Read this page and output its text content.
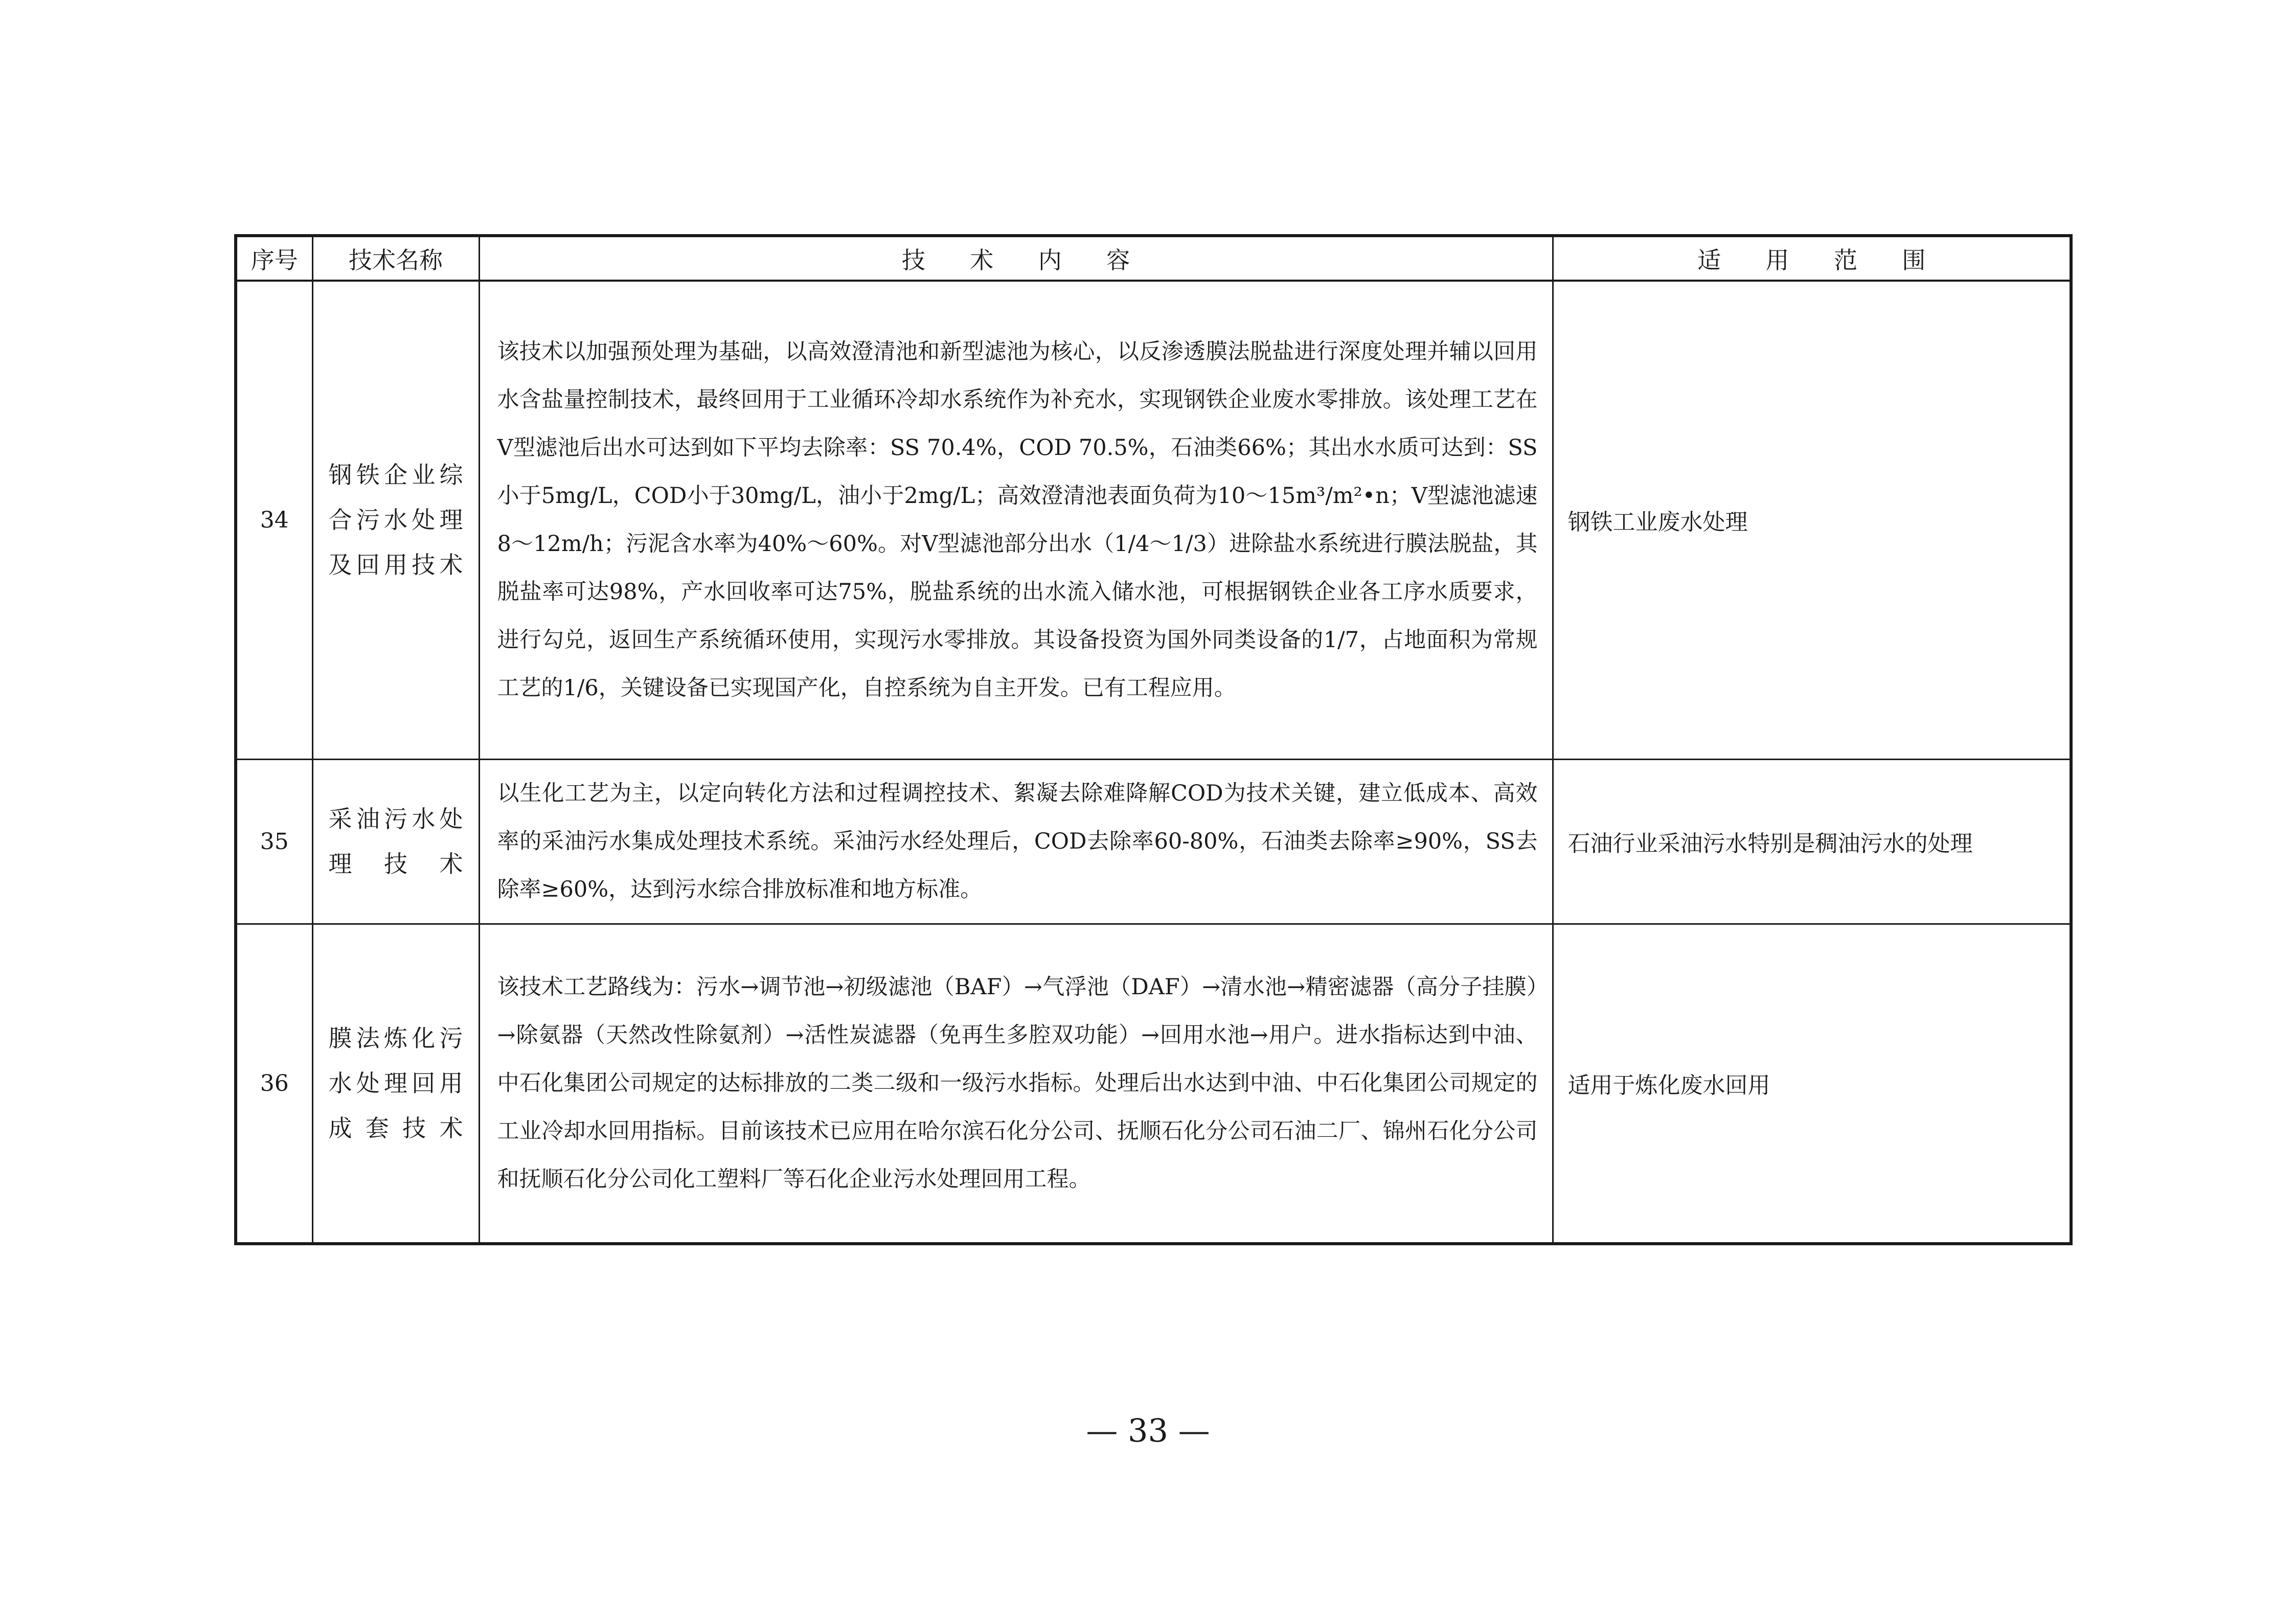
序号	技术名称	技术内容	适用范围
34	钢铁企业综合污水处理及回用技术	该技术以加强预处理为基础，以高效澄清池和新型滤池为核心，以反渗透膜法脱盐进行深度处理并辅以回用水含盐量控制技术，最终回用于工业循环冷却水系统作为补充水，实现钢铁企业废水零排放。该处理工艺在V型滤池后出水可达到如下平均去除率：SS 70.4%，COD 70.5%，石油类66%；其出水水质可达到：SS小于5mg/L，COD小于30mg/L，油小于2mg/L；高效澄清池表面负荷为10～15m³/m²•n；V型滤池滤速8～12m/h；污泥含水率为40%～60%。对V型滤池部分出水（1/4～1/3）进除盐水系统进行膜法脱盐，其脱盐率可达98%，产水回收率可达75%，脱盐系统的出水流入储水池，可根据钢铁企业各工序水质要求，进行勾兑，返回生产系统循环使用，实现污水零排放。其设备投资为国外同类设备的1/7，占地面积为常规工艺的1/6，关键设备已实现国产化，自控系统为自主开发。已有工程应用。	钢铁工业废水处理
35	采油污水处理技术	以生化工艺为主，以定向转化方法和过程调控技术、絮凝去除难降解COD为技术关键，建立低成本、高效率的采油污水集成处理技术系统。采油污水经处理后，COD去除率60-80%，石油类去除率≥90%，SS去除率≥60%，达到污水综合排放标准和地方标准。	石油行业采油污水特别是稠油污水的处理
36	膜法炼化污水处理回用成套技术	该技术工艺路线为：污水→调节池→初级滤池（BAF）→气浮池（DAF）→清水池→精密滤器（高分子挂膜）→除氨器（天然改性除氨剂）→活性炭滤器（免再生多腔双功能）→回用水池→用户。进水指标达到中油、中石化集团公司规定的达标排放的二类二级和一级污水指标。处理后出水达到中油、中石化集团公司规定的工业冷却水回用指标。目前该技术已应用在哈尔滨石化分公司、抚顺石化分公司石油二厂、锦州石化分公司和抚顺石化分公司化工塑料厂等石化企业污水处理回用工程。	适用于炼化废水回用
— 33 —
